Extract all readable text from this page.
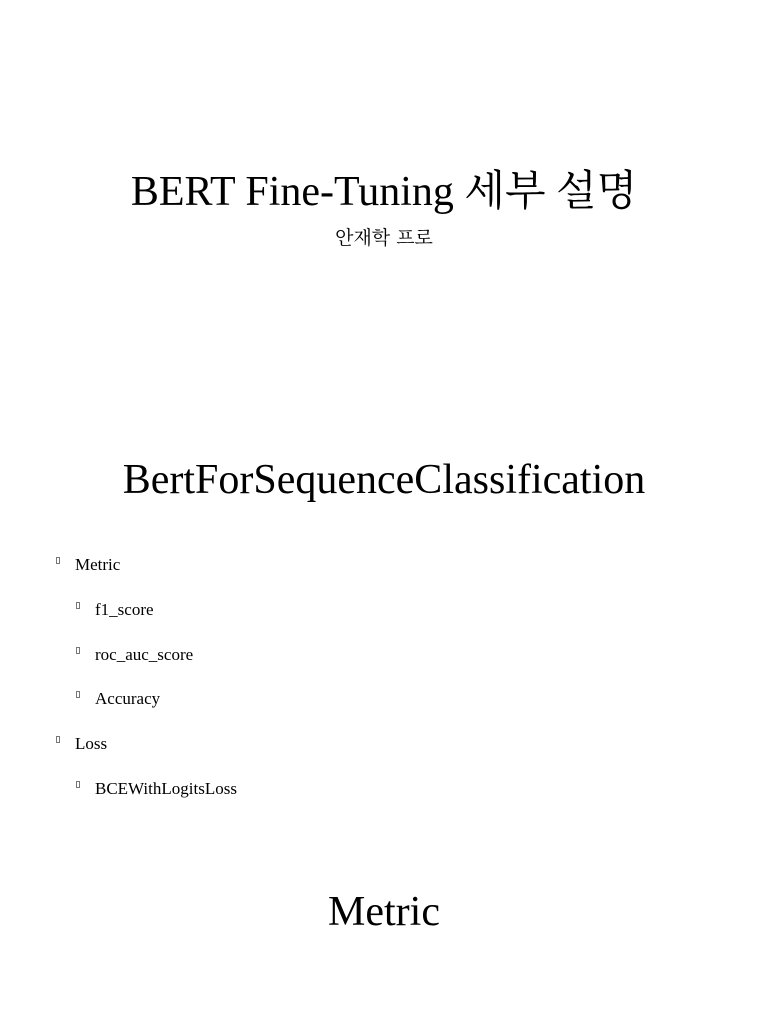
BERT Fine-Tuning 세부 설명
안재학 프로
BertForSequenceClassification
Metric
f1_score
roc_auc_score
Accuracy
Loss
BCEWithLogitsLoss
Metric
